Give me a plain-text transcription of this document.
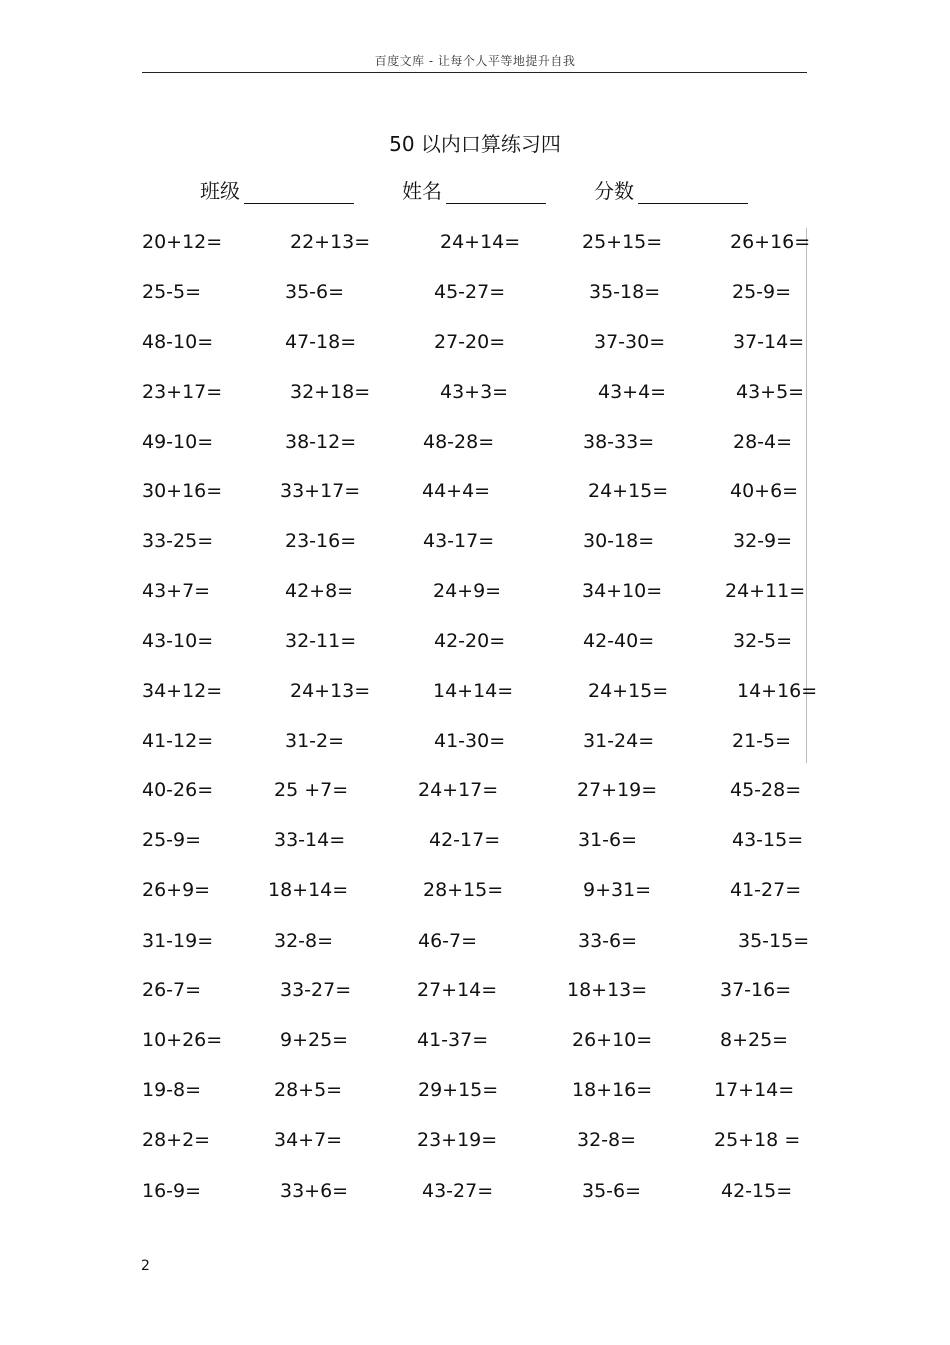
百度文库 - 让每个人平等地提升自我
50 以内口算练习四
班级	姓名	分数
20+12=	22+13=	24+14=	25+15=	26+16=
25-5=	35-6=	45-27=	35-18=	25-9=
48-10=	47-18=	27-20=	37-30=	37-14=
23+17=	32+18=	43+3=	43+4=	43+5=
49-10=	38-12=	48-28=	38-33=	28-4=
30+16=	33+17=	44+4=	24+15=	40+6=
33-25=	23-16=	43-17=	30-18=	32-9=
43+7=	42+8=	24+9=	34+10=	24+11=
43-10=	32-11=	42-20=	42-40=	32-5=
34+12=	24+13=	14+14=	24+15=	14+16=
41-12=	31-2=	41-30=	31-24=	21-5=
40-26=	25 +7=	24+17=	27+19=	45-28=
25-9=	33-14=	42-17=	31-6=	43-15=
26+9=	18+14=	28+15=	9+31=	41-27=
31-19=	32-8=	46-7=	33-6=	35-15=
26-7=	33-27=	27+14=	18+13=	37-16=
10+26=	9+25=	41-37=	26+10=	8+25=
19-8=	28+5=	29+15=	18+16=	17+14=
28+2=	34+7=	23+19=	32-8=	25+18 =
16-9=	33+6=	43-27=	35-6=	42-15=
2
